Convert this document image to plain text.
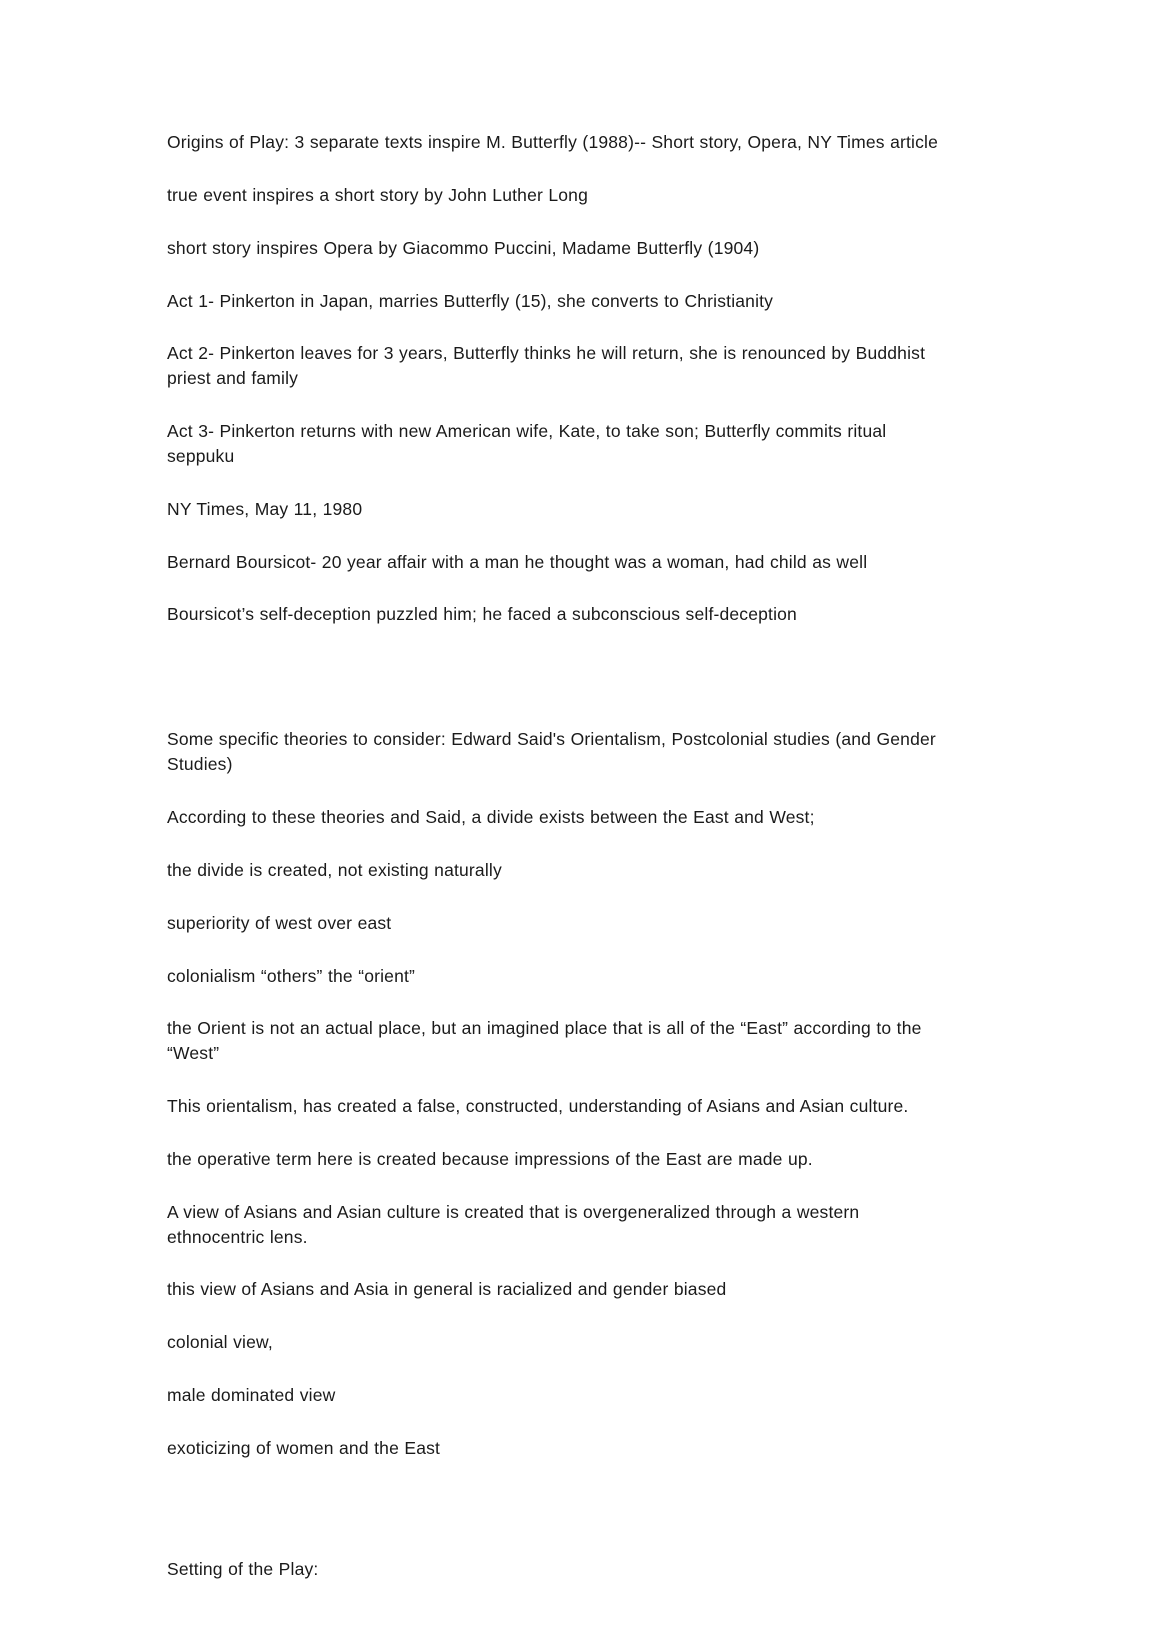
Origins of Play: 3 separate texts inspire M. Butterfly (1988)-- Short story, Opera, NY Times article

true event inspires a short story by John Luther Long

short story inspires Opera by Giacommo Puccini, Madame Butterfly (1904)

Act 1- Pinkerton in Japan, marries Butterfly (15), she converts to Christianity

Act 2- Pinkerton leaves for 3 years, Butterfly thinks he will return, she is renounced by Buddhist priest and family

Act 3- Pinkerton returns with new American wife, Kate, to take son; Butterfly commits ritual seppuku

NY Times, May 11, 1980

Bernard Boursicot- 20 year affair with a man he thought was a woman, had child as well

Boursicot’s self-deception puzzled him; he faced a subconscious self-deception

Some specific theories to consider: Edward Said's Orientalism, Postcolonial studies (and Gender Studies)

According to these theories and Said, a divide exists between the East and West;

the divide is created, not existing naturally

superiority of west over east

colonialism “others” the “orient”

the Orient is not an actual place, but an imagined place that is all of the “East” according to the “West”

This orientalism, has created a false, constructed, understanding of Asians and Asian culture.

the operative term here is created because impressions of the East are made up.

A view of Asians and Asian culture is created that is overgeneralized through a western ethnocentric lens.

this view of Asians and Asia in general is racialized and gender biased

colonial view,

male dominated view

exoticizing of women and the East

Setting of the Play:
